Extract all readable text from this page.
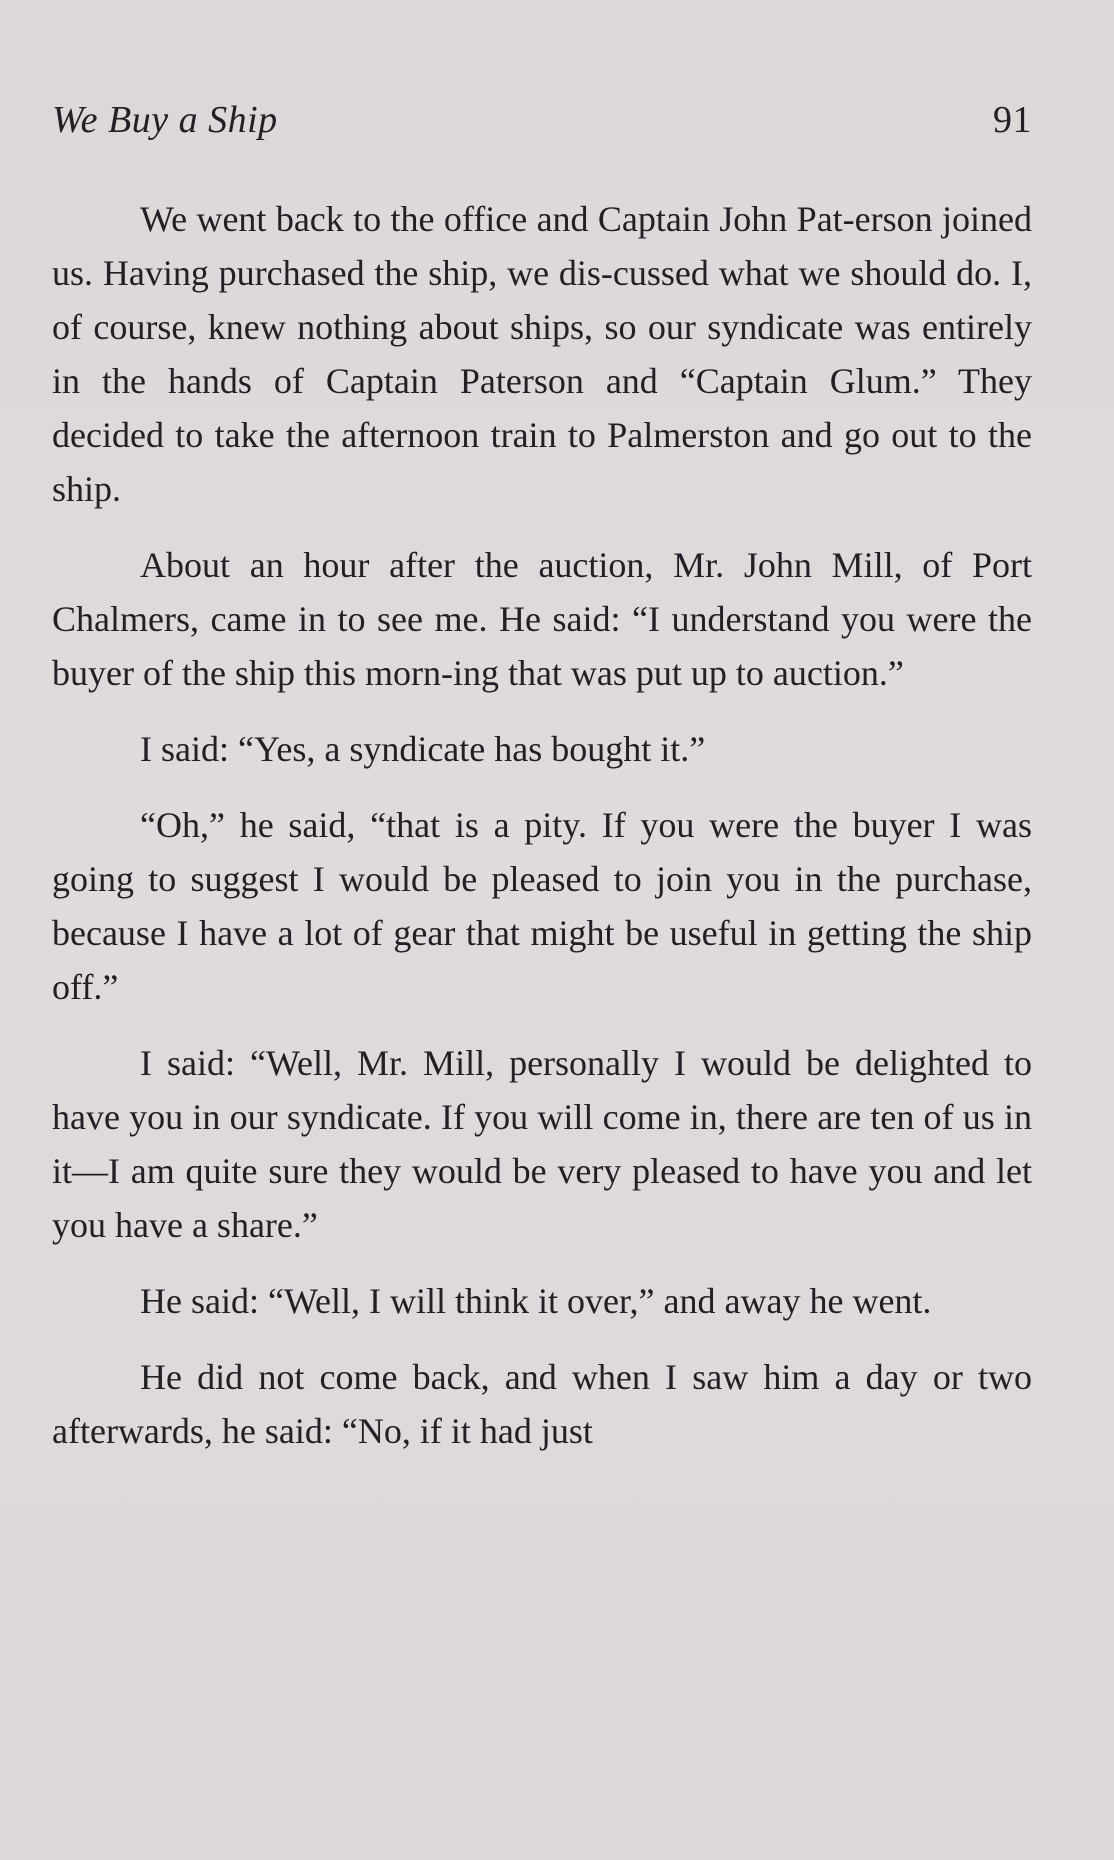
We Buy a Ship	91

We went back to the office and Captain John Pat-erson joined us. Having purchased the ship, we dis-cussed what we should do. I, of course, knew nothing about ships, so our syndicate was entirely in the hands of Captain Paterson and “Captain Glum.” They decided to take the afternoon train to Palmerston and go out to the ship.

About an hour after the auction, Mr. John Mill, of Port Chalmers, came in to see me. He said: “I understand you were the buyer of the ship this morn-ing that was put up to auction.”

I said: “Yes, a syndicate has bought it.”

“Oh,” he said, “that is a pity. If you were the buyer I was going to suggest I would be pleased to join you in the purchase, because I have a lot of gear that might be useful in getting the ship off.”

I said: “Well, Mr. Mill, personally I would be delighted to have you in our syndicate. If you will come in, there are ten of us in it—I am quite sure they would be very pleased to have you and let you have a share.”

He said: “Well, I will think it over,” and away he went.

He did not come back, and when I saw him a day or two afterwards, he said: “No, if it had just
